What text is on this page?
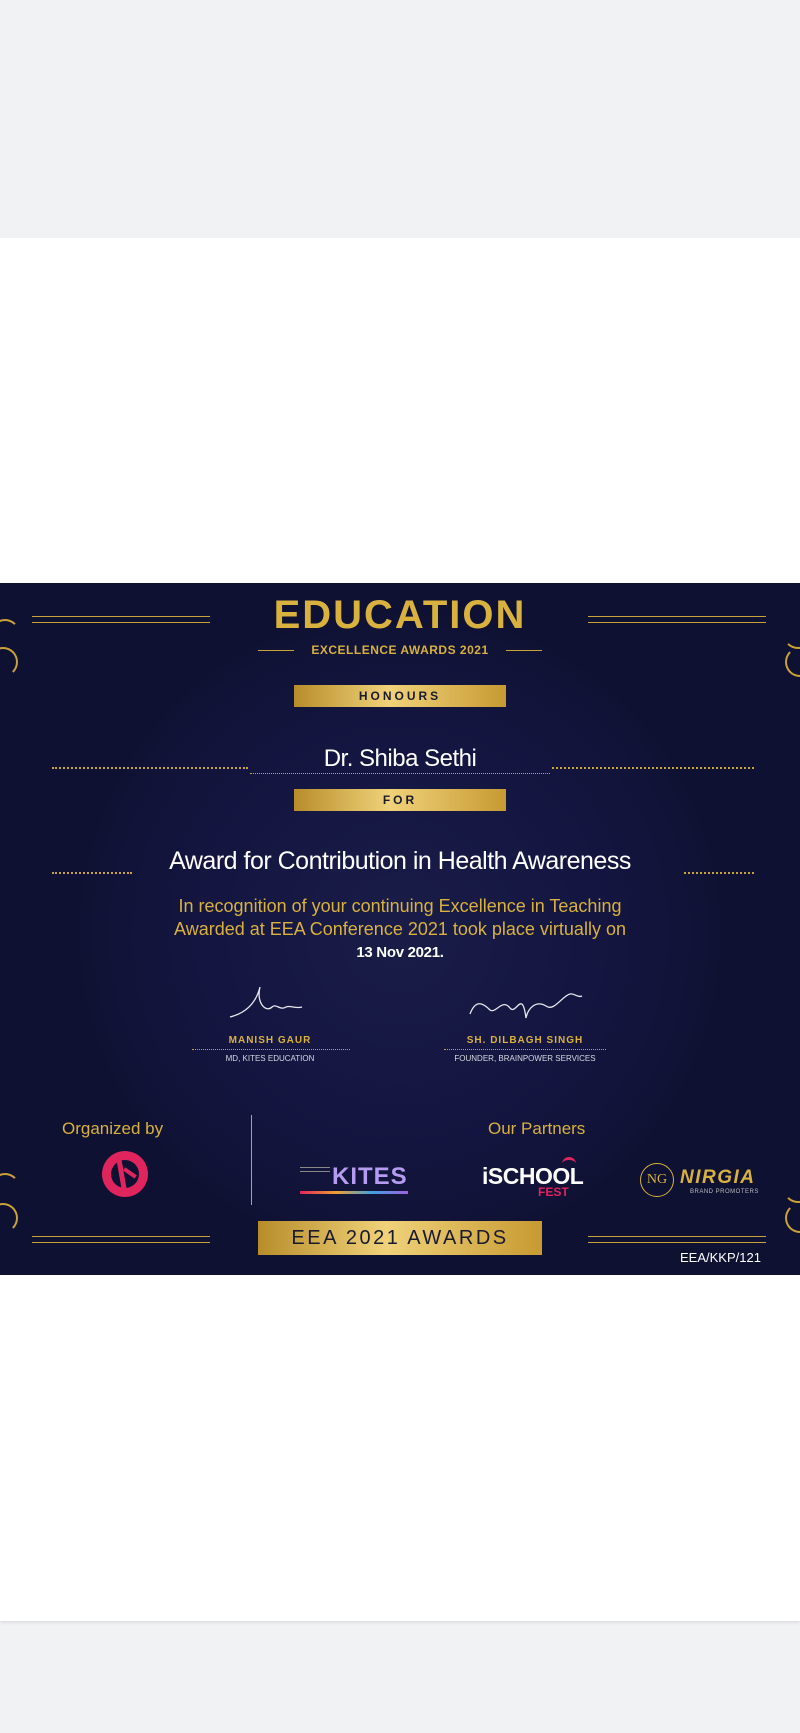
EDUCATION
EXCELLENCE AWARDS 2021
HONOURS
Dr. Shiba Sethi
FOR
Award for Contribution in Health Awareness
In recognition of your continuing Excellence in Teaching
Awarded at EEA Conference 2021 took place virtually on
13 Nov 2021.
MANISH GAUR
MD, KITES EDUCATION
SH. DILBAGH SINGH
FOUNDER, BRAINPOWER SERVICES
Organized by	Our Partners
KITES	iSCHOOL
FEST
NG NIRGIA
BRAND PROMOTERS
EEA 2021 AWARDS
EEA/KKP/121
